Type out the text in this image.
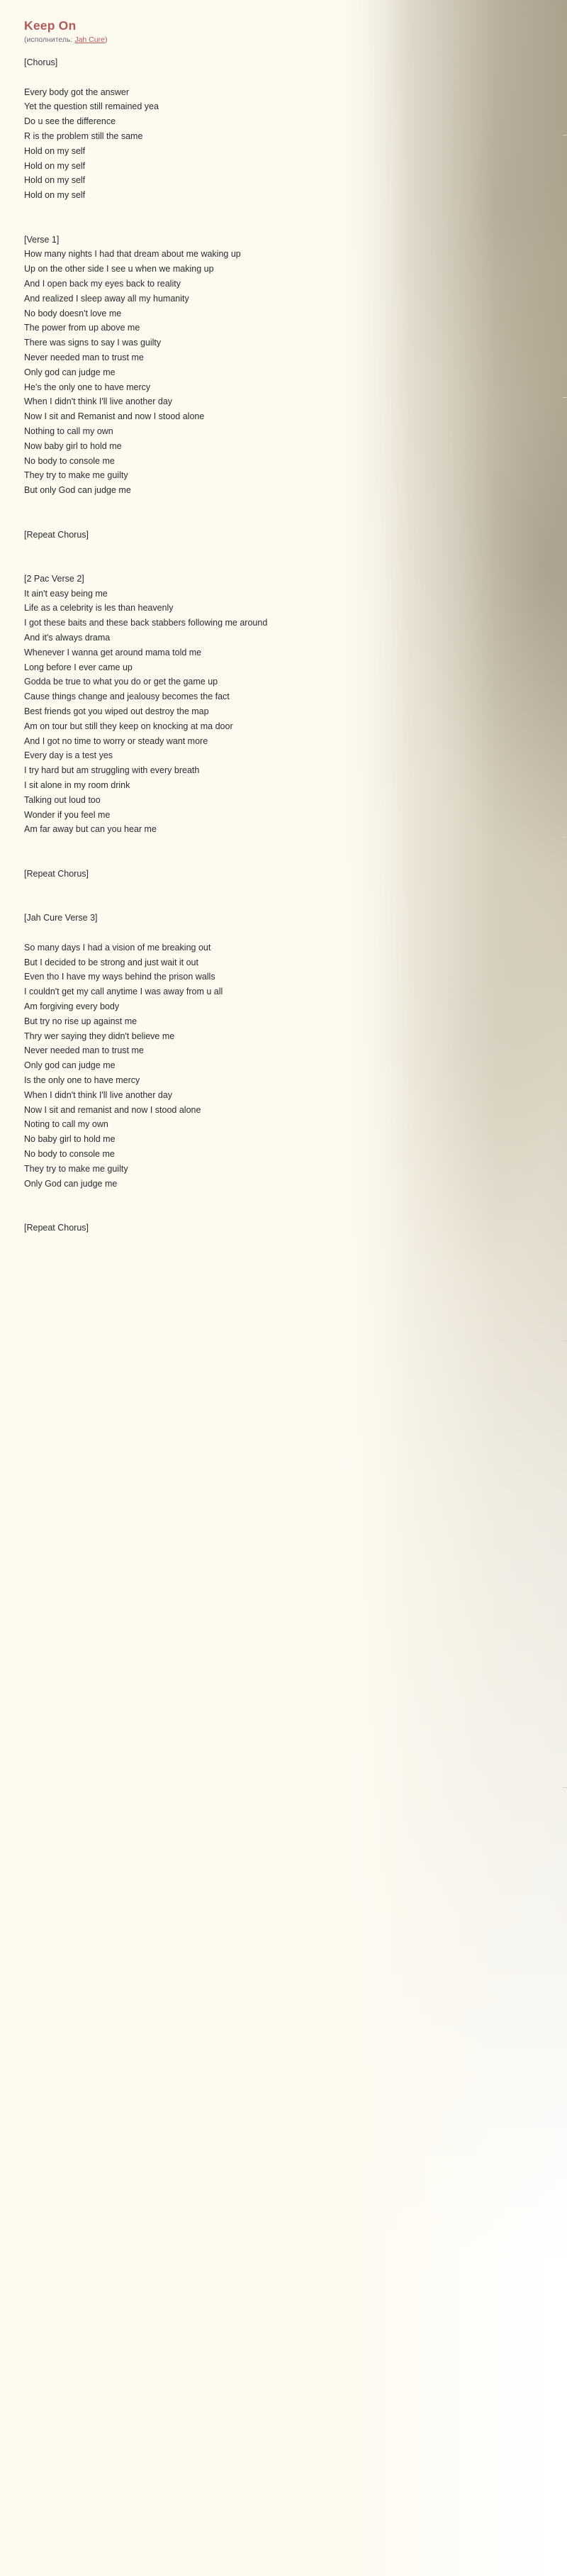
Keep On
(исполнитель: Jah Cure)
[Chorus]

Every body got the answer
Yet the question still remained yea
Do u see the difference
R is the problem still the same
Hold on my self
Hold on my self
Hold on my self
Hold on my self

[Verse 1]
How many nights I had that dream about me waking up
Up on the other side I see u when we making up
And I open back my eyes back to reality
And realized I sleep away all my humanity
No body doesn't love me
The power from up above me
There was signs to say I was guilty
Never needed man to trust me
Only god can judge me
He's the only one to have mercy
When I didn't think I'll live another day
Now I sit and Remanist and now I stood alone
Nothing to call my own
Now baby girl to hold me
No body to console me
They try to make me guilty
But only God can judge me

[Repeat Chorus]

[2 Pac Verse 2]
It ain't easy being me
Life as a celebrity is les than heavenly
I got these baits and these back stabbers following me around
And it's always drama
Whenever I wanna get around mama told me
Long before I ever came up
Godda be true to what you do or get the game up
Cause things change and jealousy becomes the fact
Best friends got you wiped out destroy the map
Am on tour but still they keep on knocking at ma door
And I got no time to worry or steady want more
Every day is a test yes
I try hard but am struggling with every breath
I sit alone in my room drink
Talking out loud too
Wonder if you feel me
Am far away but can you hear me

[Repeat Chorus]

[Jah Cure Verse 3]

So many days I had a vision of me breaking out
But I decided to be strong and just wait it out
Even tho I have my ways behind the prison walls
I couldn't get my call anytime I was away from u all
Am forgiving every body
But try no rise up against me
Thry wer saying they didn't believe me
Never needed man to trust me
Only god can judge me
Is the only one to have mercy
When I didn't think I'll live another day
Now I sit and remanist and now I stood alone
Noting to call my own
No baby girl to hold me
No body to console me
They try to make me guilty
Only God can judge me

[Repeat Chorus]
